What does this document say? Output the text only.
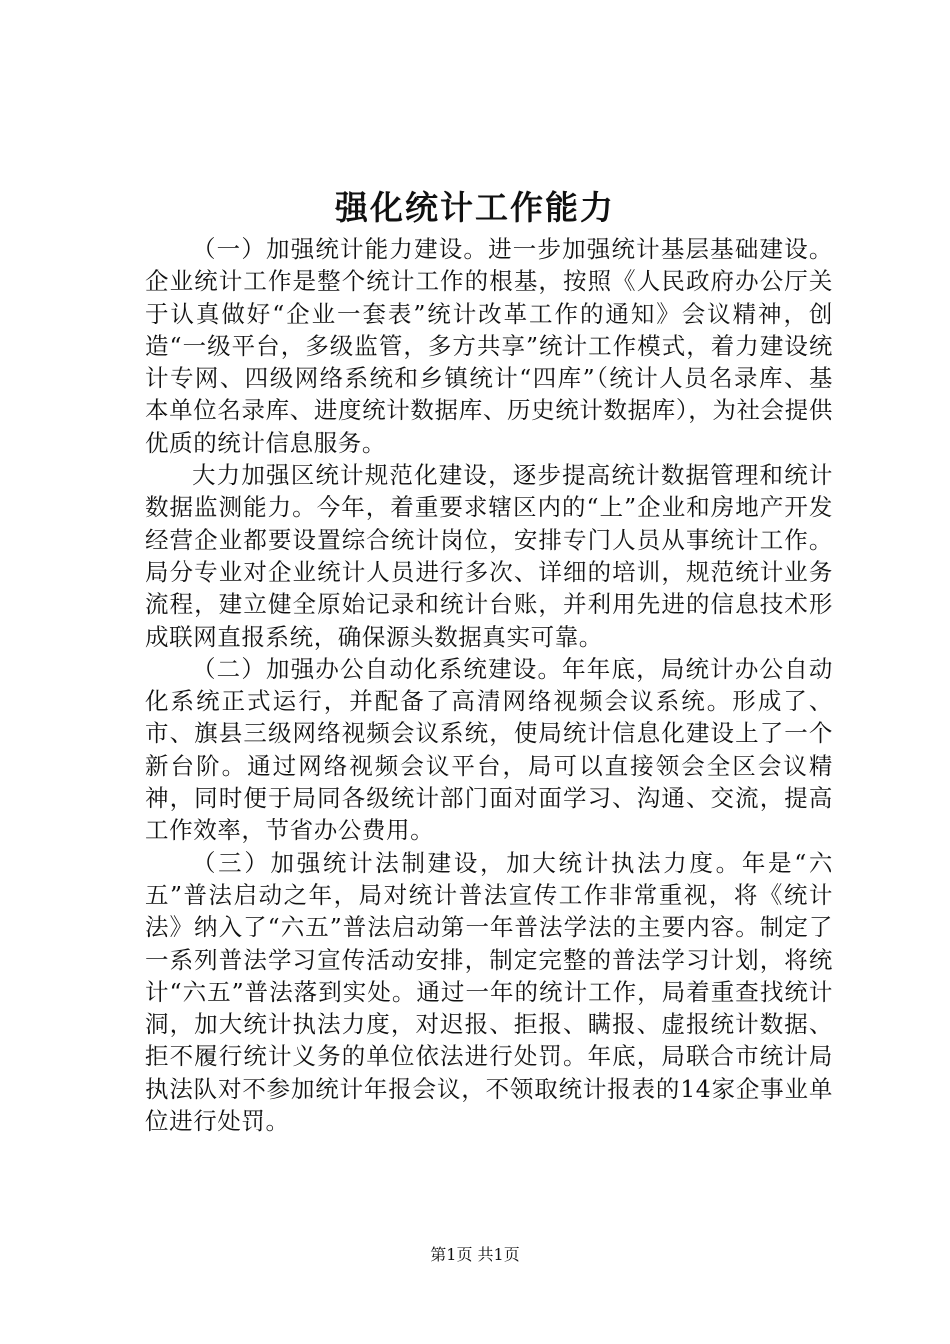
强化统计工作能力

（一）加强统计能力建设。进一步加强统计基层基础建设。企业统计工作是整个统计工作的根基，按照《人民政府办公厅关于认真做好“企业一套表”统计改革工作的通知》会议精神，创造“一级平台，多级监管，多方共享”统计工作模式，着力建设统计专网、四级网络系统和乡镇统计“四库”（统计人员名录库、基本单位名录库、进度统计数据库、历史统计数据库），为社会提供优质的统计信息服务。

大力加强区统计规范化建设，逐步提高统计数据管理和统计数据监测能力。今年，着重要求辖区内的“上”企业和房地产开发经营企业都要设置综合统计岗位，安排专门人员从事统计工作。局分专业对企业统计人员进行多次、详细的培训，规范统计业务流程，建立健全原始记录和统计台账，并利用先进的信息技术形成联网直报系统，确保源头数据真实可靠。

（二）加强办公自动化系统建设。年年底，局统计办公自动化系统正式运行，并配备了高清网络视频会议系统。形成了、市、旗县三级网络视频会议系统，使局统计信息化建设上了一个新台阶。通过网络视频会议平台，局可以直接领会全区会议精神，同时便于局同各级统计部门面对面学习、沟通、交流，提高工作效率，节省办公费用。

（三）加强统计法制建设，加大统计执法力度。年是“六五”普法启动之年，局对统计普法宣传工作非常重视，将《统计法》纳入了“六五”普法启动第一年普法学法的主要内容。制定了一系列普法学习宣传活动安排，制定完整的普法学习计划，将统计“六五”普法落到实处。通过一年的统计工作，局着重查找统计洞，加大统计执法力度，对迟报、拒报、瞒报、虚报统计数据、拒不履行统计义务的单位依法进行处罚。年底，局联合市统计局执法队对不参加统计年报会议，不领取统计报表的14家企事业单位进行处罚。

第1页 共1页
